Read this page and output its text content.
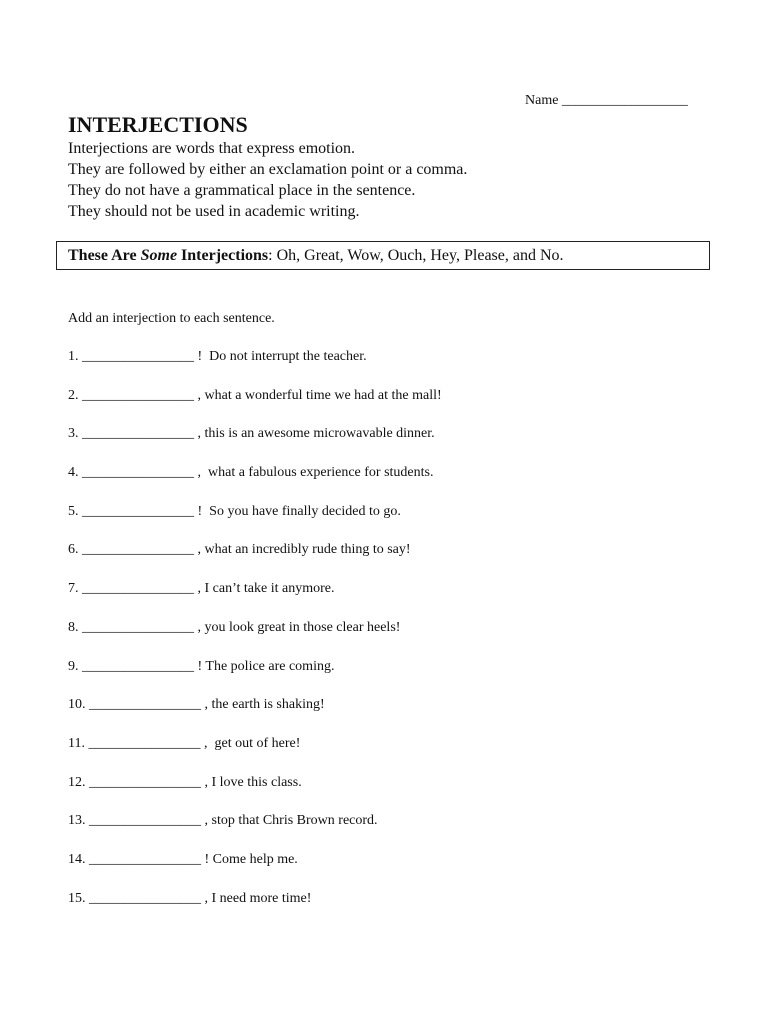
Name __________________
INTERJECTIONS
Interjections are words that express emotion.
They are followed by either an exclamation point or a comma.
They do not have a grammatical place in the sentence.
They should not be used in academic writing.
These Are Some Interjections: Oh, Great, Wow, Ouch, Hey, Please, and No.
Add an interjection to each sentence.
1. ________________ !  Do not interrupt the teacher.
2. ________________ , what a wonderful time we had at the mall!
3. ________________ , this is an awesome microwavable dinner.
4. ________________ ,  what a fabulous experience for students.
5. ________________ !  So you have finally decided to go.
6. ________________ , what an incredibly rude thing to say!
7. ________________ , I can’t take it anymore.
8. ________________ , you look great in those clear heels!
9. ________________ ! The police are coming.
10. ________________ , the earth is shaking!
11. ________________ ,  get out of here!
12. ________________ , I love this class.
13. ________________ , stop that Chris Brown record.
14. ________________ ! Come help me.
15. ________________ , I need more time!
